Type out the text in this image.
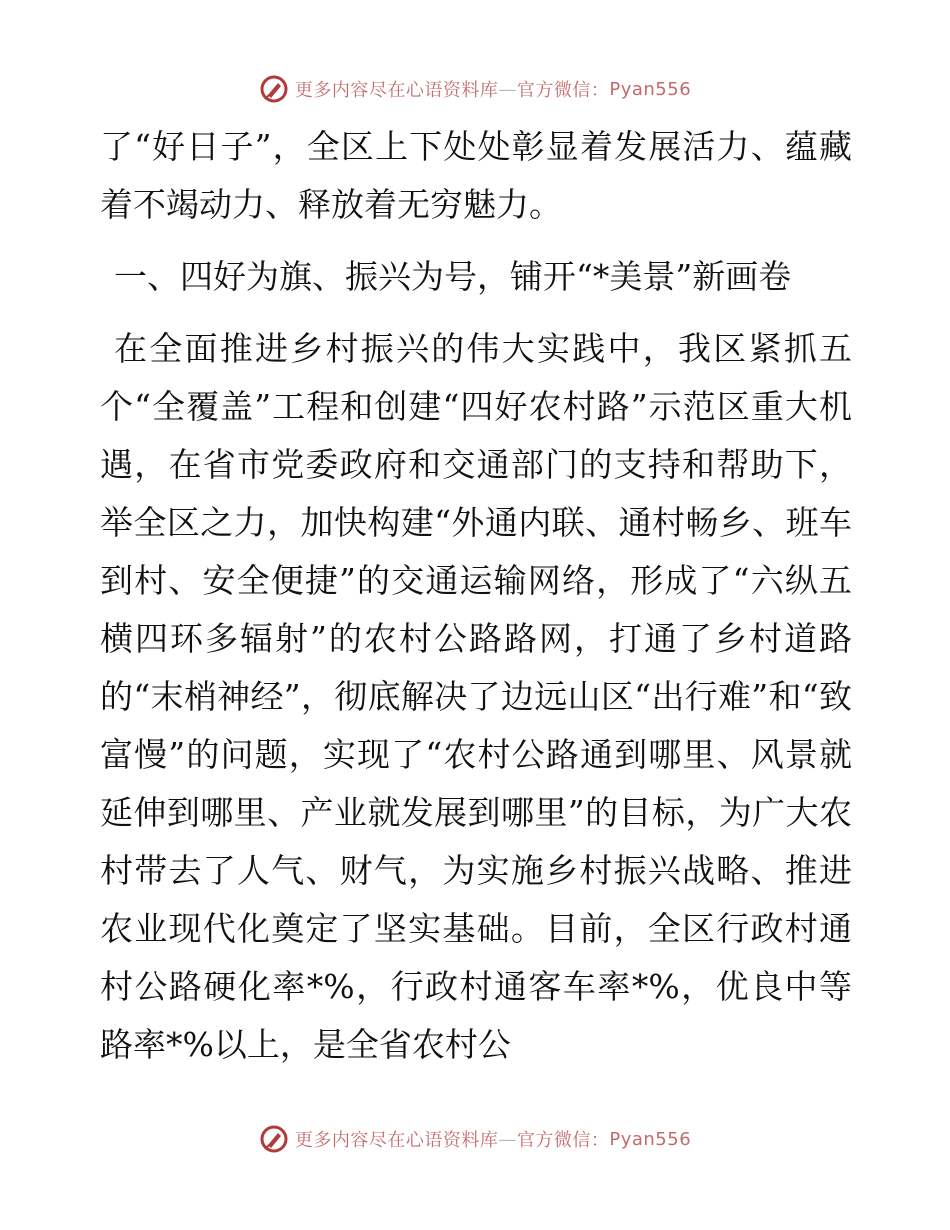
更多内容尽在心语资料库 — 官方微信： Pyan556

了“好日子”，全区上下处处彰显着发展活力、蕴藏着不竭动力、释放着无穷魅力。

一、四好为旗、振兴为号，铺开“*美景”新画卷

在全面推进乡村振兴的伟大实践中，我区紧抓五个“全覆盖”工程和创建“四好农村路”示范区重大机遇，在省市党委政府和交通部门的支持和帮助下，举全区之力，加快构建“外通内联、通村畅乡、班车到村、安全便捷”的交通运输网络，形成了“六纵五横四环多辐射”的农村公路路网，打通了乡村道路的“末梢神经”，彻底解决了边远山区“出行难”和“致富慢”的问题，实现了“农村公路通到哪里、风景就延伸到哪里、产业就发展到哪里”的目标，为广大农村带去了人气、财气，为实施乡村振兴战略、推进农业现代化奠定了坚实基础。目前，全区行政村通村公路硬化率*%，行政村通客车率*%，优良中等路率*%以上，是全省农村公

更多内容尽在心语资料库 — 官方微信： Pyan556
